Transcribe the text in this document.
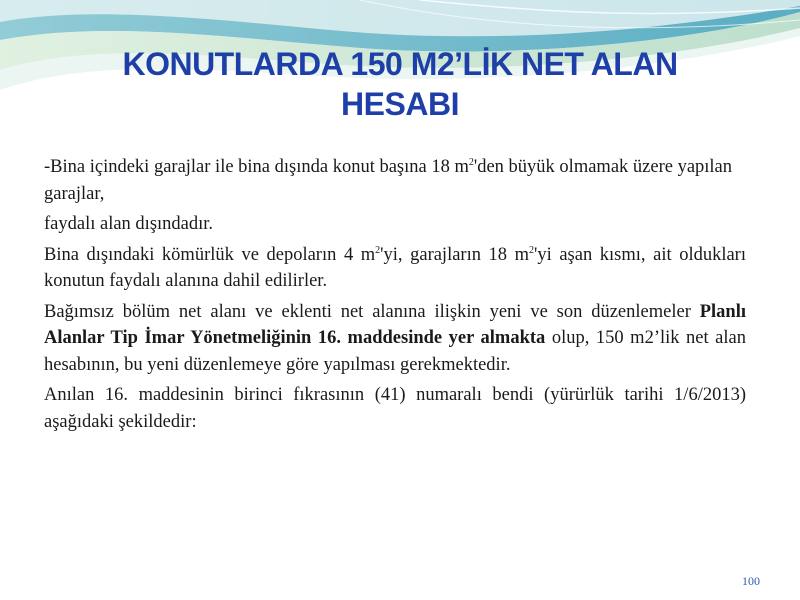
KONUTLARDA 150 M2’LİK NET ALAN
HESABI

-Bina içindeki garajlar ile bina dışında konut başına 18 $m^2'den$ büyük olmamak üzere yapılan garajlar,

faydalı alan dışındadır.

Bina dışındaki kömürlük ve depoların 4 $m^2'yi$, garajların 18 $m^2'yi$ aşan kısmı, ait oldukları konutun faydalı alanına dahil edilirler.

Bağımsız bölüm net alanı ve eklenti net alanına ilişkin yeni ve son düzenlemeler Planlı Alanlar Tip İmar Yönetmeliğinin 16. maddesinde yer almakta olup, 150 m2’lik net alan hesabının, bu yeni düzenlemeye göre yapılması gerekmektedir.

Anılan 16. maddesinin birinci fıkrasının (41) numaralı bendi (yürürlük tarihi 1/6/2013) aşağıdaki şekildedir:

100
